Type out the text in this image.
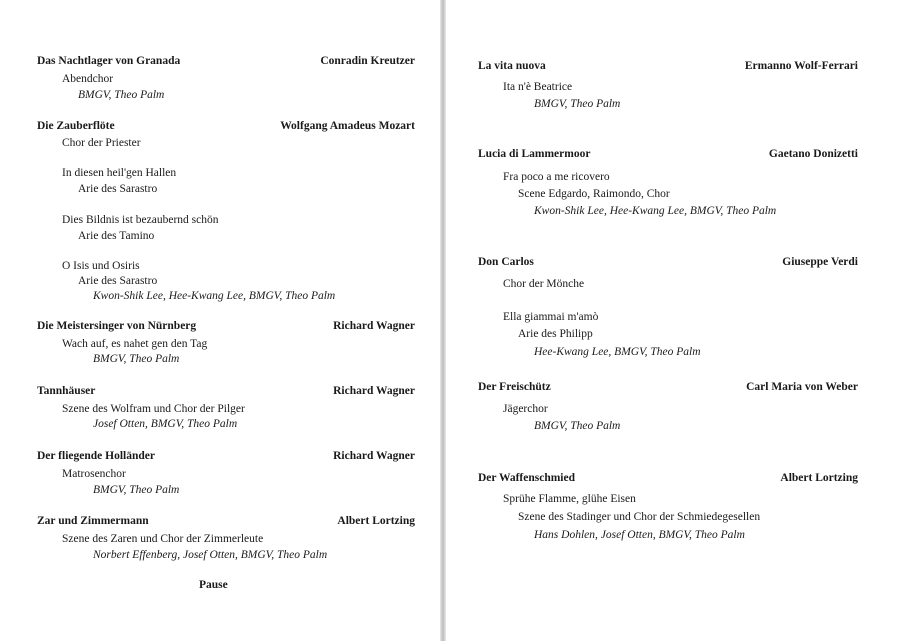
Das Nachtlager von Granada	Conradin Kreutzer
Abendchor
BMGV, Theo Palm
Die Zauberflöte	Wolfgang Amadeus Mozart
Chor der Priester
In diesen heil'gen Hallen
Arie des Sarastro
Dies Bildnis ist bezaubernd schön
Arie des Tamino
O Isis und Osiris
Arie des Sarastro
Kwon-Shik Lee, Hee-Kwang Lee, BMGV, Theo Palm
Die Meistersinger von Nürnberg	Richard Wagner
Wach auf, es nahet gen den Tag
BMGV, Theo Palm
Tannhäuser	Richard Wagner
Szene des Wolfram und Chor der Pilger
Josef Otten, BMGV, Theo Palm
Der fliegende Holländer	Richard Wagner
Matrosenchor
BMGV, Theo Palm
Zar und Zimmermann	Albert Lortzing
Szene des Zaren und Chor der Zimmerleute
Norbert Effenberg, Josef Otten, BMGV, Theo Palm
Pause
La vita nuova	Ermanno Wolf-Ferrari
Ita n'è Beatrice
BMGV, Theo Palm
Lucia di Lammermoor	Gaetano Donizetti
Fra poco a me ricovero
Scene Edgardo, Raimondo, Chor
Kwon-Shik Lee, Hee-Kwang Lee, BMGV, Theo Palm
Don Carlos	Giuseppe Verdi
Chor der Mönche
Ella giammai m'amò
Arie des Philipp
Hee-Kwang Lee, BMGV, Theo Palm
Der Freischütz	Carl Maria von Weber
Jägerchor
BMGV, Theo Palm
Der Waffenschmied	Albert Lortzing
Sprühe Flamme, glühe Eisen
Szene des Stadinger und Chor der Schmiedegesellen
Hans Dohlen, Josef Otten, BMGV, Theo Palm
